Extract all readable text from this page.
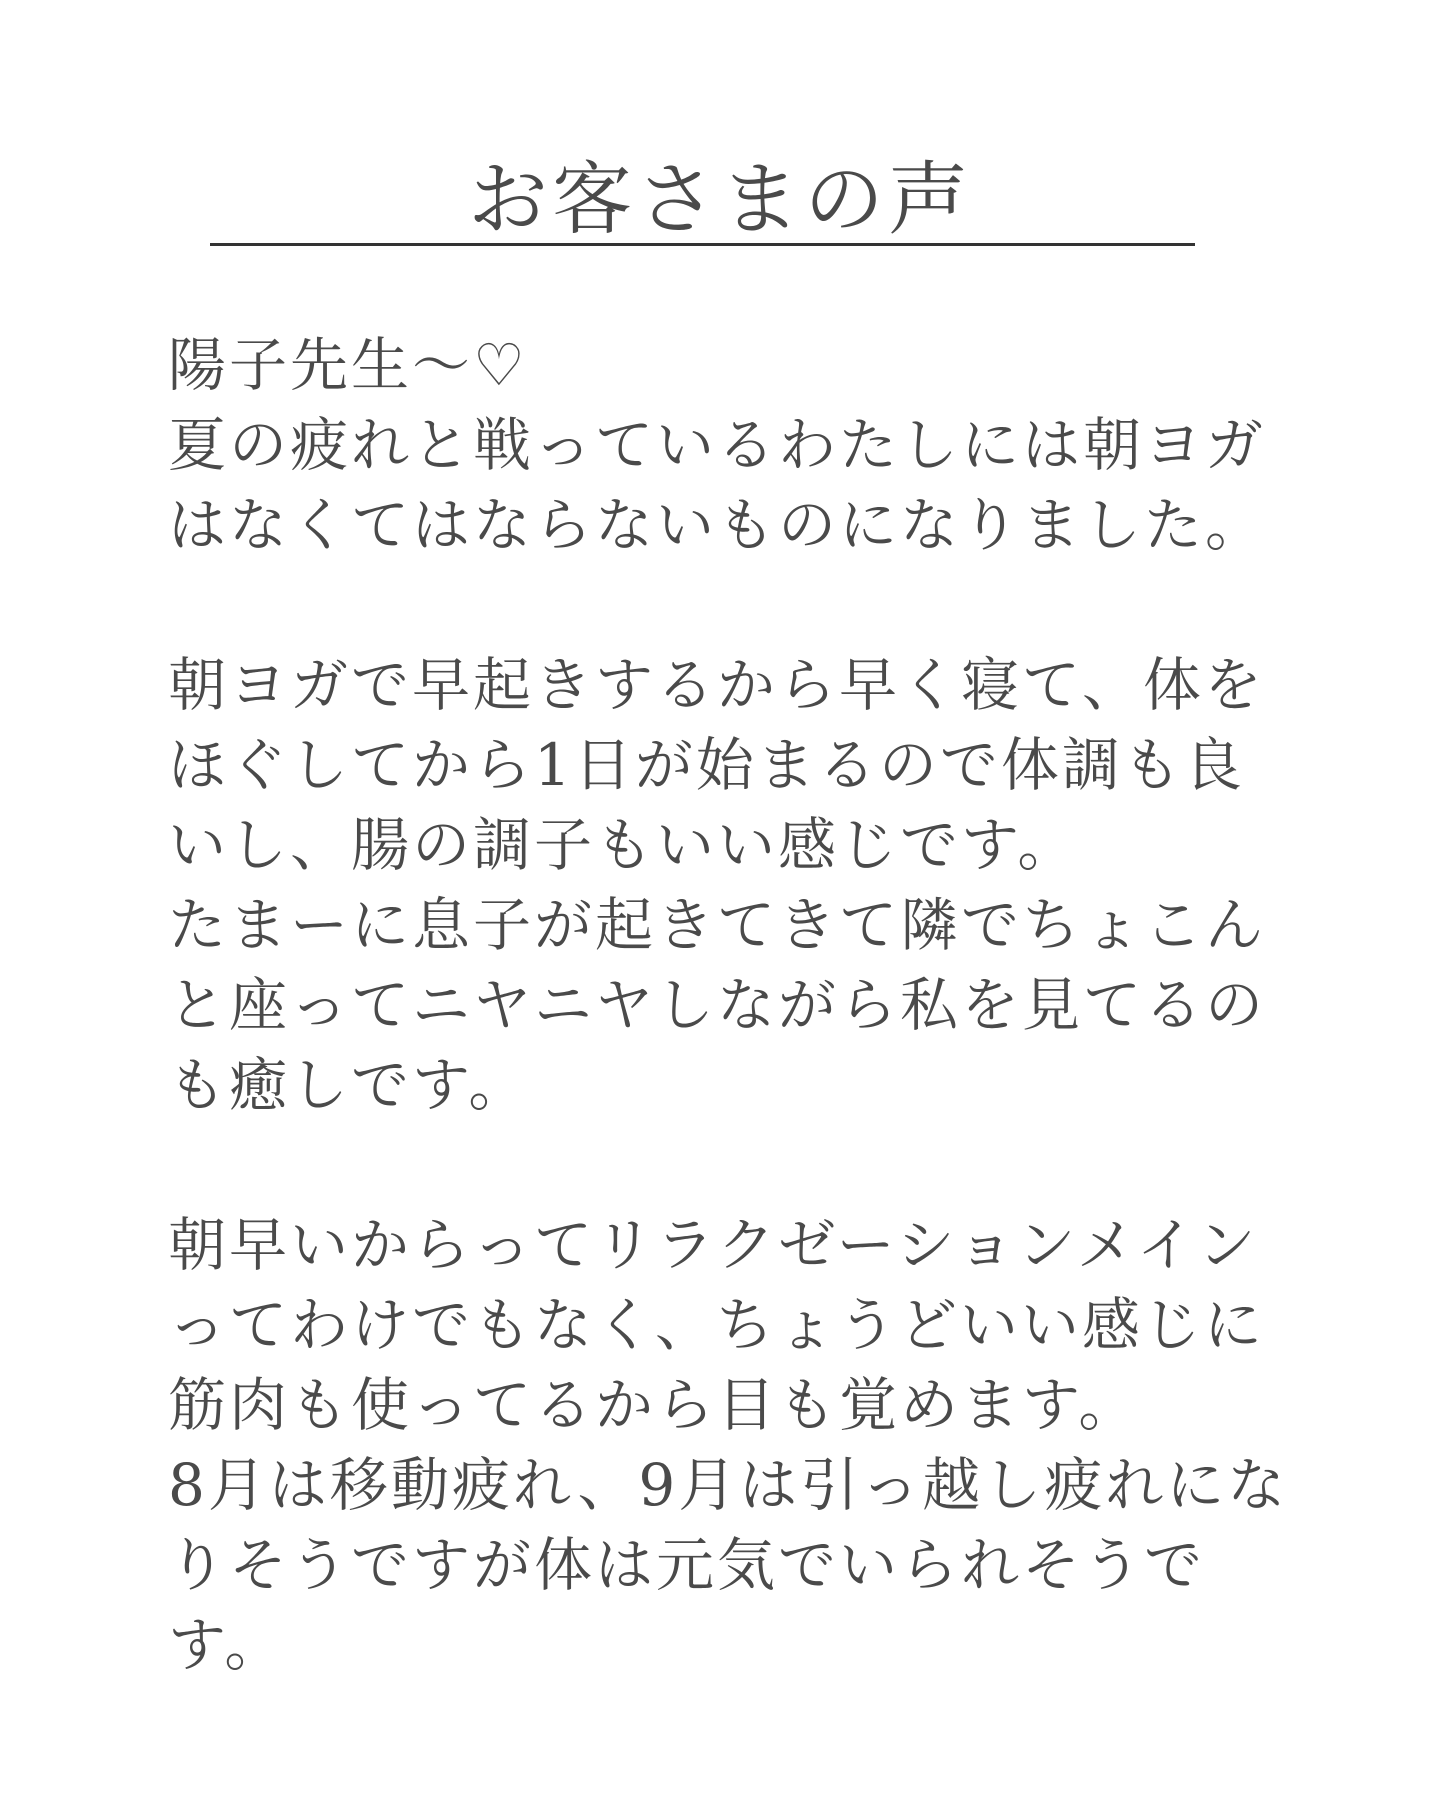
お客さまの声
陽子先生〜♡
夏の疲れと戦っているわたしには朝ヨガ
はなくてはならないものになりました。
朝ヨガで早起きするから早く寝て、体を
ほぐしてから1日が始まるので体調も良
いし、腸の調子もいい感じです。
たまーに息子が起きてきて隣でちょこん
と座ってニヤニヤしながら私を見てるの
も癒しです。
朝早いからってリラクゼーションメイン
ってわけでもなく、ちょうどいい感じに
筋肉も使ってるから目も覚めます。
8月は移動疲れ、9月は引っ越し疲れにな
りそうですが体は元気でいられそうで
す。
